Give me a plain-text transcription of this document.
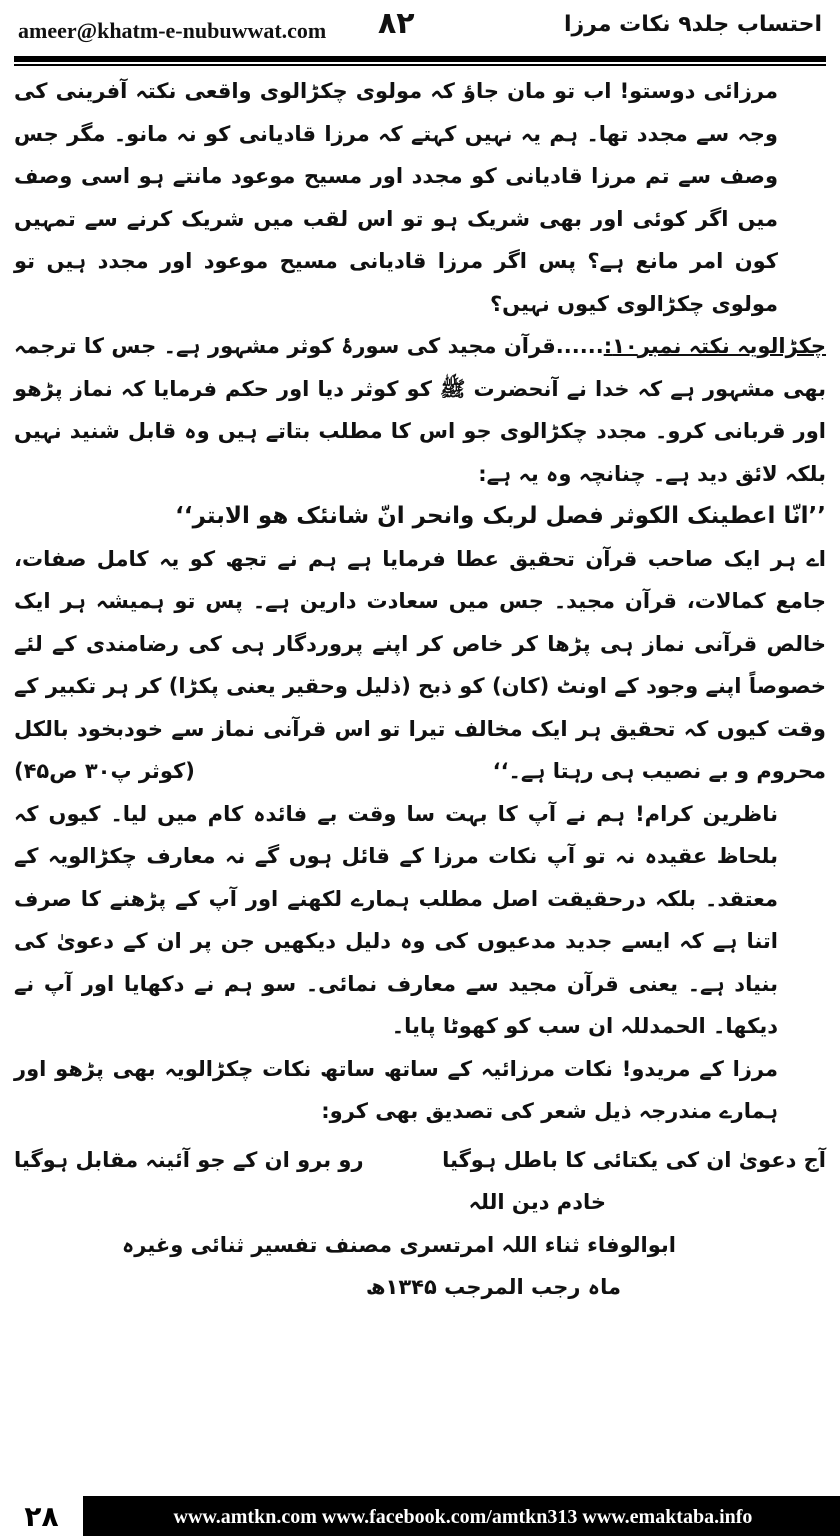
ameer@khatm-e-nubuwwat.com ۸۲	احتساب جلد۹ نکات مرزا

مرزائی دوستو! اب تو مان جاؤ کہ مولوی چکڑالوی واقعی نکتہ آفرینی کی وجہ سے مجدد تھا۔ ہم یہ نہیں کہتے کہ مرزا قادیانی کو نہ مانو۔ مگر جس وصف سے تم مرزا قادیانی کو مجدد اور مسیح موعود مانتے ہو اسی وصف میں اگر کوئی اور بھی شریک ہو تو اس لقب میں شریک کرنے سے تمہیں کون امر مانع ہے؟ پس اگر مرزا قادیانی مسیح موعود اور مجدد ہیں تو مولوی چکڑالوی کیوں نہیں؟

چکڑالویہ نکتہ نمبر۱۰:......قرآن مجید کی سورۂ کوثر مشہور ہے۔ جس کا ترجمہ بھی مشہور ہے کہ خدا نے آنحضرت ﷺ کو کوثر دیا اور حکم فرمایا کہ نماز پڑھو اور قربانی کرو۔ مجدد چکڑالوی جو اس کا مطلب بتاتے ہیں وہ قابل شنید نہیں بلکہ لائق دید ہے۔ چنانچہ وہ یہ ہے:

’’انّا اعطینک الکوثر فصل لربک وانحر انّ شانئک ھو الابتر‘‘

اے ہر ایک صاحب قرآن تحقیق عطا فرمایا ہے ہم نے تجھ کو یہ کامل صفات، جامع کمالات، قرآن مجید۔ جس میں سعادت دارین ہے۔ پس تو ہمیشہ ہر ایک خالص قرآنی نماز ہی پڑھا کر خاص کر اپنے پروردگار ہی کی رضامندی کے لئے خصوصاً اپنے وجود کے اونٹ (کان) کو ذبح (ذلیل وحقیر یعنی پکڑا) کر ہر تکبیر کے وقت کیوں کہ تحقیق ہر ایک مخالف تیرا تو اس قرآنی نماز سے خودبخود بالکل محروم و بے نصیب ہی رہتا ہے۔‘‘
(کوثر پ۳۰ ص۴۵)

ناظرین کرام! ہم نے آپ کا بہت سا وقت بے فائدہ کام میں لیا۔ کیوں کہ بلحاظ عقیدہ نہ تو آپ نکات مرزا کے قائل ہوں گے نہ معارف چکڑالویہ کے معتقد۔ بلکہ درحقیقت اصل مطلب ہمارے لکھنے اور آپ کے پڑھنے کا صرف اتنا ہے کہ ایسے جدید مدعیوں کی وہ دلیل دیکھیں جن پر ان کے دعویٰ کی بنیاد ہے۔ یعنی قرآن مجید سے معارف نمائی۔ سو ہم نے دکھایا اور آپ نے دیکھا۔ الحمدللہ ان سب کو کھوٹا پایا۔

مرزا کے مریدو! نکات مرزائیہ کے ساتھ ساتھ نکات چکڑالویہ بھی پڑھو اور ہمارے مندرجہ ذیل شعر کی تصدیق بھی کرو:

آج دعویٰ ان کی یکتائی کا باطل ہوگیا
رو برو ان کے جو آئینہ مقابل ہوگیا

خادم دین اللہ

ابوالوفاء ثناء اللہ امرتسری مصنف تفسیر ثنائی وغیرہ

ماہ رجب المرجب ۱۳۴۵ھ

۲۸	www.amtkn.com www.facebook.com/amtkn313 www.emaktaba.info
